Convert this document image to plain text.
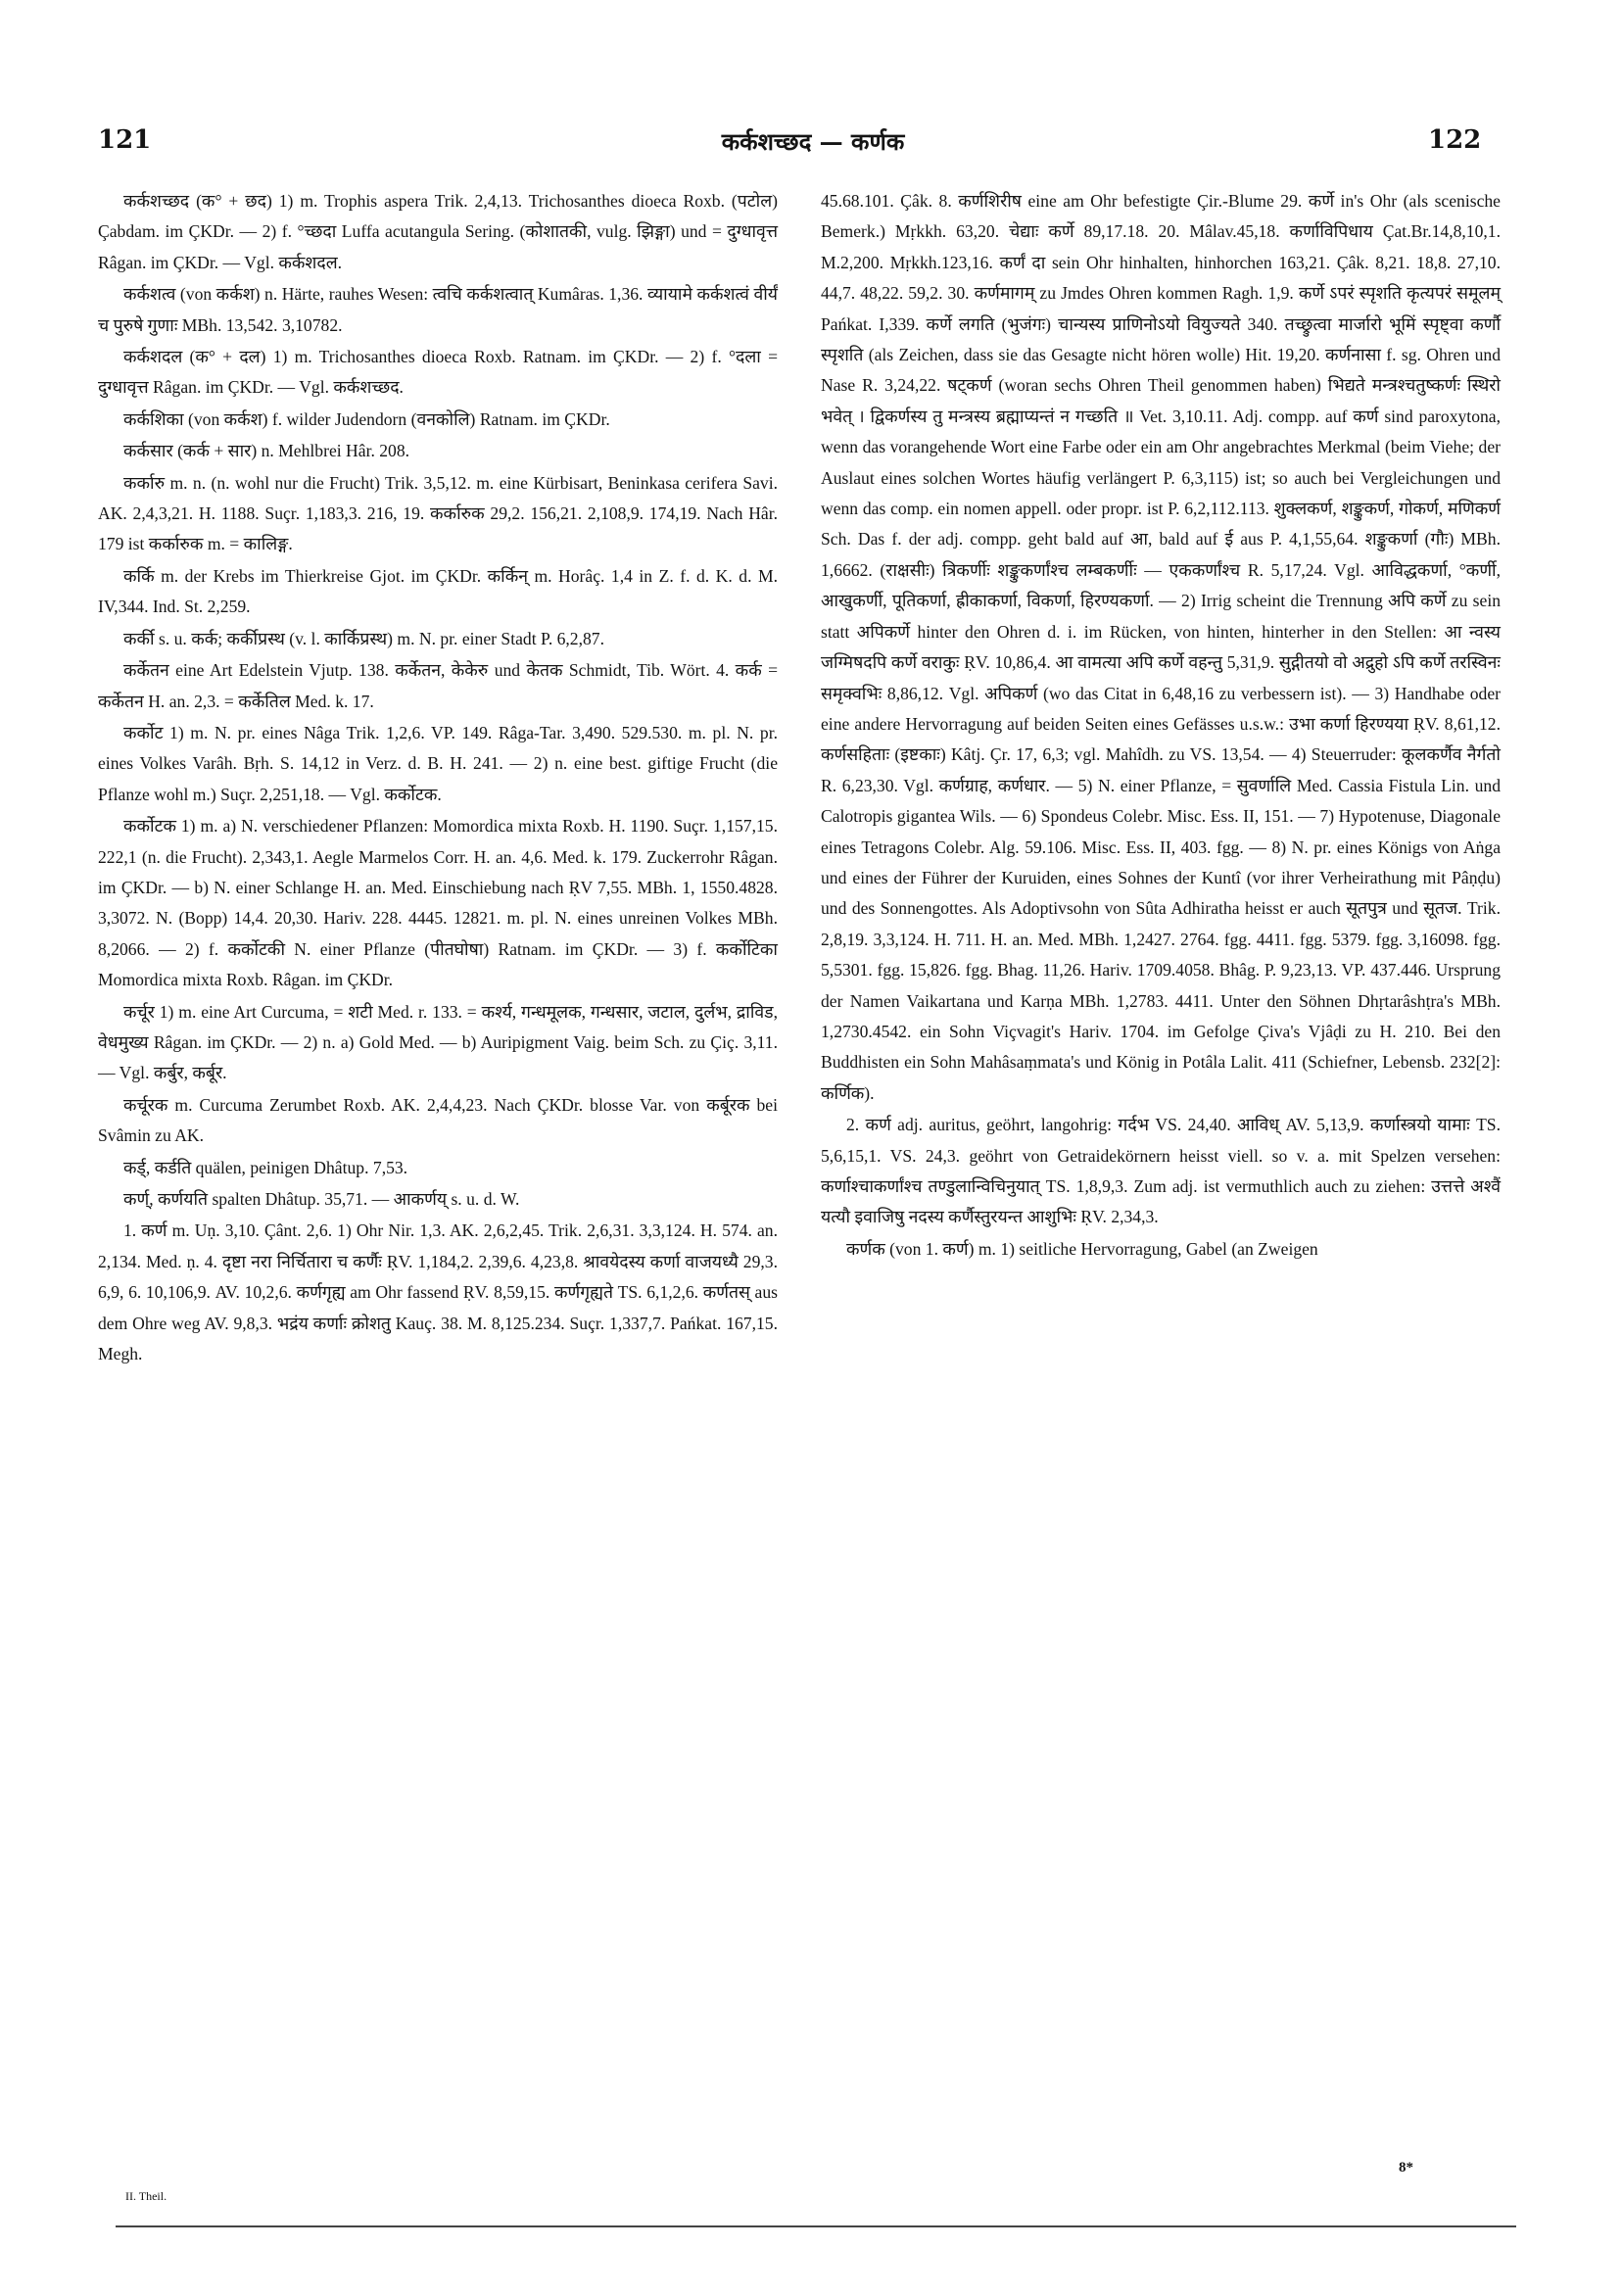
121	कर्कशच्छद — कर्णक	122

कर्कशच्छद (क° + छद) 1) m. Trophis aspera Trik. 2,4,13. Trichosanthes dioeca Roxb. (पटोल) Çabdam. im ÇKDr. — 2) f. °च्छदा Luffa acutangula Sering. (कोशातकी, vulg. झिङ्गा) und = दुग्धावृत्त Râgan. im ÇKDr. — Vgl. कर्कशदल.

कर्कशत्व (von कर्कश) n. Härte, rauhes Wesen: त्वचि कर्कशत्वात् Kumâras. 1,36. व्यायामे कर्कशत्वं वीर्यं च पुरुषे गुणाः MBh. 13,542. 3,10782.

कर्कशदल (क° + दल) 1) m. Trichosanthes dioeca Roxb. Ratnam. im ÇKDr. — 2) f. °दला = दुग्धावृत्त Râgan. im ÇKDr. — Vgl. कर्कशच्छद.

कर्कशिका (von कर्कश) f. wilder Judendorn (वनकोलि) Ratnam. im ÇKDr.

कर्कसार (कर्क + सार) n. Mehlbrei Hâr. 208.

कर्कारु m. n. (n. wohl nur die Frucht) Trik. 3,5,12. m. eine Kürbisart, Beninkasa cerifera Savi. AK. 2,4,3,21. H. 1188. Suçr. 1,183,3. 216, 19. कर्कारुक 29,2. 156,21. 2,108,9. 174,19. Nach Hâr. 179 ist कर्कारुक m. = कालिङ्ग.

कर्कि m. der Krebs im Thierkreise Gjot. im ÇKDr. कर्किन् m. Horâç. 1,4 in Z. f. d. K. d. M. IV,344. Ind. St. 2,259.

कर्की s. u. कर्क; कर्कीप्रस्थ (v. l. कार्किप्रस्थ) m. N. pr. einer Stadt P. 6,2,87.

कर्केतन eine Art Edelstein Vjutp. 138. कर्केतन, केकेरु und केतक Schmidt, Tib. Wört. 4. कर्क = कर्केतन H. an. 2,3. = कर्केतिल Med. k. 17.

कर्कोट 1) m. N. pr. eines Nâga Trik. 1,2,6. VP. 149. Râga-Tar. 3,490. 529.530. m. pl. N. pr. eines Volkes Varâh. Bṛh. S. 14,12 in Verz. d. B. H. 241. — 2) n. eine best. giftige Frucht (die Pflanze wohl m.) Suçr. 2,251,18. — Vgl. कर्कोटक.

कर्कोटक 1) m. a) N. verschiedener Pflanzen: Momordica mixta Roxb. H. 1190. Suçr. 1,157,15. 222,1 (n. die Frucht). 2,343,1. Aegle Marmelos Corr. H. an. 4,6. Med. k. 179. Zuckerrohr Râgan. im ÇKDr. — b) N. einer Schlange H. an. Med. Einschiebung nach ṚV 7,55. MBh. 1, 1550.4828. 3,3072. N. (Bopp) 14,4. 20,30. Hariv. 228. 4445. 12821. m. pl. N. eines unreinen Volkes MBh. 8,2066. — 2) f. कर्कोटकी N. einer Pflanze (पीतघोषा) Ratnam. im ÇKDr. — 3) f. कर्कोटिका Momordica mixta Roxb. Râgan. im ÇKDr.

कर्चूर 1) m. eine Art Curcuma, = शटी Med. r. 133. = कर्श्य, गन्धमूलक, गन्धसार, जटाल, दुर्लभ, द्राविड, वेधमुख्य Râgan. im ÇKDr. — 2) n. a) Gold Med. — b) Auripigment Vaig. beim Sch. zu Çiç. 3,11. — Vgl. कर्बुर, कर्बूर.

कर्चूरक m. Curcuma Zerumbet Roxb. AK. 2,4,4,23. Nach ÇKDr. blosse Var. von कर्बूरक bei Svâmin zu AK.

कर्ड्, कर्डति quälen, peinigen Dhâtup. 7,53.

कर्ण्, कर्णयति spalten Dhâtup. 35,71. — आकर्णय् s. u. d. W.

1. कर्ण m. Uṇ. 3,10. Çânt. 2,6. 1) Ohr Nir. 1,3. AK. 2,6,2,45. Trik. 2,6,31. 3,3,124. H. 574. an. 2,134. Med. ṇ. 4. दृष्टा नरा निर्चितारा च कर्णैः ṚV. 1,184,2. 2,39,6. 4,23,8. श्रावयेदस्य कर्णा वाजयध्यै 29,3. 6,9, 6. 10,106,9. AV. 10,2,6. कर्णगृह्य am Ohr fassend ṚV. 8,59,15. कर्णगृह्यते TS. 6,1,2,6. कर्णतस् aus dem Ohre weg AV. 9,8,3. भद्रंय कर्णाः क्रोशतु Kauç. 38. M. 8,125.234. Suçr. 1,337,7. Pańkat. 167,15. Megh.

45.68.101. Çâk. 8. कर्णशिरीष eine am Ohr befestigte Çir.-Blume 29. कर्णे in's Ohr (als scenische Bemerk.) Mṛkkh. 63,20. चेद्याः कर्णे 89,17.18. 20. Mâlav.45,18. कर्णाविपिधाय Çat.Br.14,8,10,1. M.2,200. Mṛkkh.123,16. कर्णं दा sein Ohr hinhalten, hinhorchen 163,21. Çâk. 8,21. 18,8. 27,10. 44,7. 48,22. 59,2. 30. कर्णमागम् zu Jmdes Ohren kommen Ragh. 1,9. कर्णे ऽपरं स्पृशति कृत्यपरं समूलम् Pańkat. I,339. कर्णे लगति (भुजंगः) चान्यस्य प्राणिनोऽयो वियुज्यते 340. तच्छ्रुत्वा मार्जारो भूमिं स्पृष्ट्वा कर्णौ स्पृशति (als Zeichen, dass sie das Gesagte nicht hören wolle) Hit. 19,20. कर्णनासा f. sg. Ohren und Nase R. 3,24,22. षट्कर्ण (woran sechs Ohren Theil genommen haben) भिद्यते मन्त्रश्चतुष्कर्णः स्थिरो भवेत् । द्विकर्णस्य तु मन्त्रस्य ब्रह्माप्यन्तं न गच्छति ॥ Vet. 3,10.11. Adj. compp. auf कर्ण sind paroxytona, wenn das vorangehende Wort eine Farbe oder ein am Ohr angebrachtes Merkmal (beim Viehe; der Auslaut eines solchen Wortes häufig verlängert P. 6,3,115) ist; so auch bei Vergleichungen und wenn das comp. ein nomen appell. oder propr. ist P. 6,2,112.113. शुक्लकर्ण, शङ्कुकर्ण, गोकर्ण, मणिकर्ण Sch. Das f. der adj. compp. geht bald auf आ, bald auf ई aus P. 4,1,55,64. शङ्कुकर्णा (गौः) MBh. 1,6662. (राक्षसीः) त्रिकर्णीः शङ्कुकर्णांश्च लम्बकर्णीः — एककर्णांश्च R. 5,17,24. Vgl. आविद्धकर्णा, °कर्णी, आखुकर्णी, पूतिकर्णा, ह्रीकाकर्णा, विकर्णा, हिरण्यकर्णा. — 2) Irrig scheint die Trennung अपि कर्णे zu sein statt अपिकर्णे hinter den Ohren d. i. im Rücken, von hinten, hinterher in den Stellen: आ न्वस्य जग्मिषदपि कर्णे वराकुः ṚV. 10,86,4. आ वामत्या अपि कर्णे वहन्तु 5,31,9. सुद्गीतयो वो अद्रुहो ऽपि कर्णे तरस्विनः समृक्वभिः 8,86,12. Vgl. अपिकर्ण (wo das Citat in 6,48,16 zu verbessern ist). — 3) Handhabe oder eine andere Hervorragung auf beiden Seiten eines Gefässes u.s.w.: उभा कर्णा हिरण्यया ṚV. 8,61,12. कर्णसहिताः (इष्टकाः) Kâtj. Çr. 17, 6,3; vgl. Mahîdh. zu VS. 13,54. — 4) Steuerruder: कूलकर्णैव नैर्गतो R. 6,23,30. Vgl. कर्णग्राह, कर्णधार. — 5) N. einer Pflanze, = सुवर्णालि Med. Cassia Fistula Lin. und Calotropis gigantea Wils. — 6) Spondeus Colebr. Misc. Ess. II, 151. — 7) Hypotenuse, Diagonale eines Tetragons Colebr. Alg. 59.106. Misc. Ess. II, 403. fgg. — 8) N. pr. eines Königs von Aṅga und eines der Führer der Kuruiden, eines Sohnes der Kuntî (vor ihrer Verheirathung mit Pâṇḍu) und des Sonnengottes. Als Adoptivsohn von Sûta Adhiratha heisst er auch सूतपुत्र und सूतज. Trik. 2,8,19. 3,3,124. H. 711. H. an. Med. MBh. 1,2427. 2764. fgg. 4411. fgg. 5379. fgg. 3,16098. fgg. 5,5301. fgg. 15,826. fgg. Bhag. 11,26. Hariv. 1709.4058. Bhâg. P. 9,23,13. VP. 437.446. Ursprung der Namen Vaikartana und Karṇa MBh. 1,2783. 4411. Unter den Söhnen Dhṛtarâshṭra's MBh. 1,2730.4542. ein Sohn Viçvagit's Hariv. 1704. im Gefolge Çiva's Vjâḍi zu H. 210. Bei den Buddhisten ein Sohn Mahâsaṃmata's und König in Potâla Lalit. 411 (Schiefner, Lebensb. 232[2]: कर्णिक).

2. कर्ण adj. auritus, geöhrt, langohrig: गर्दभ VS. 24,40. आविध् AV. 5,13,9. कर्णास्त्रयो यामाः TS. 5,6,15,1. VS. 24,3. geöhrt von Getraidekörnern heisst viell. so v. a. mit Spelzen versehen: कर्णाश्चाकर्णांश्च तण्डुलान्विचिनुयात् TS. 1,8,9,3. Zum adj. ist vermuthlich auch zu ziehen: उत्तत्ते अश्वैं यत्यौ इवाजिषु नदस्य कर्णैस्तुरयन्त आशुभिः ṚV. 2,34,3.

कर्णक (von 1. कर्ण) m. 1) seitliche Hervorragung, Gabel (an Zweigen

8*
II. Theil.
